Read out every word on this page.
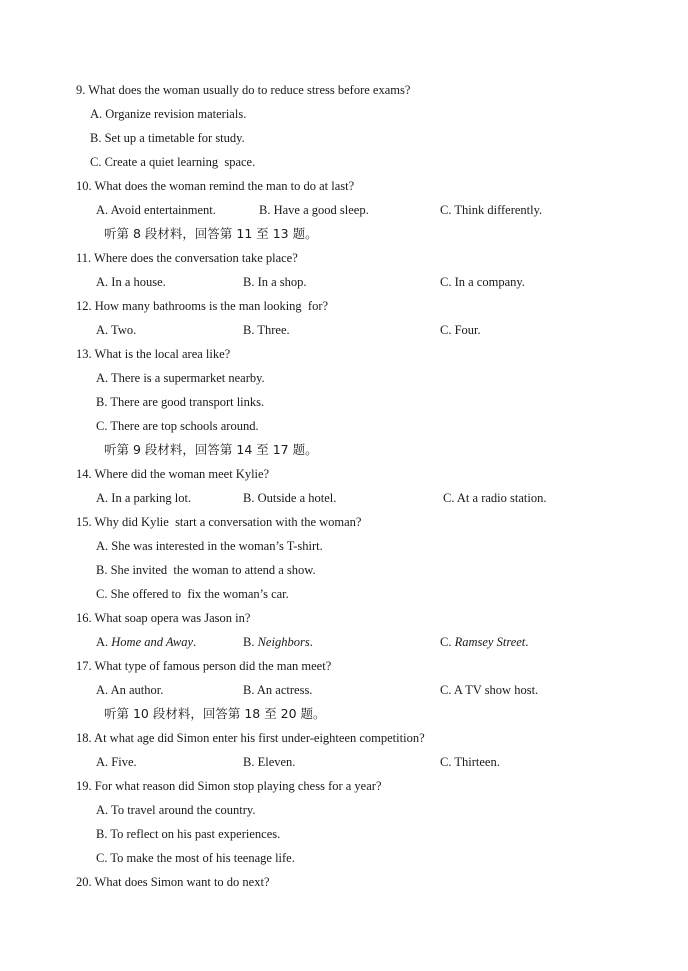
9. What does the woman usually do to reduce stress before exams?
A. Organize revision materials.
B. Set up a timetable for study.
C. Create a quiet learning  space.
10. What does the woman remind the man to do at last?
A. Avoid entertainment.	B. Have a good sleep.	C. Think differently.
听第 8 段材料，回答第 11 至 13 题。
11. Where does the conversation take place?
A. In a house.	B. In a shop.	C. In a company.
12. How many bathrooms is the man looking  for?
A. Two.	B. Three.	C. Four.
13. What is the local area like?
A. There is a supermarket nearby.
B. There are good transport links.
C. There are top schools around.
听第 9 段材料，回答第 14 至 17 题。
14. Where did the woman meet Kylie?
A. In a parking lot.	B. Outside a hotel.	C. At a radio station.
15. Why did Kylie  start a conversation with the woman?
A. She was interested in the woman’s T-shirt.
B. She invited  the woman to attend a show.
C. She offered to  fix the woman’s car.
16. What soap opera was Jason in?
A. Home and Away.	B. Neighbors.	C. Ramsey Street.
17. What type of famous person did the man meet?
A. An author.	B. An actress.	C. A TV show host.
听第 10 段材料，回答第 18 至 20 题。
18. At what age did Simon enter his first under-eighteen competition?
A. Five.	B. Eleven.	C. Thirteen.
19. For what reason did Simon stop playing chess for a year?
A. To travel around the country.
B. To reflect on his past experiences.
C. To make the most of his teenage life.
20. What does Simon want to do next?
